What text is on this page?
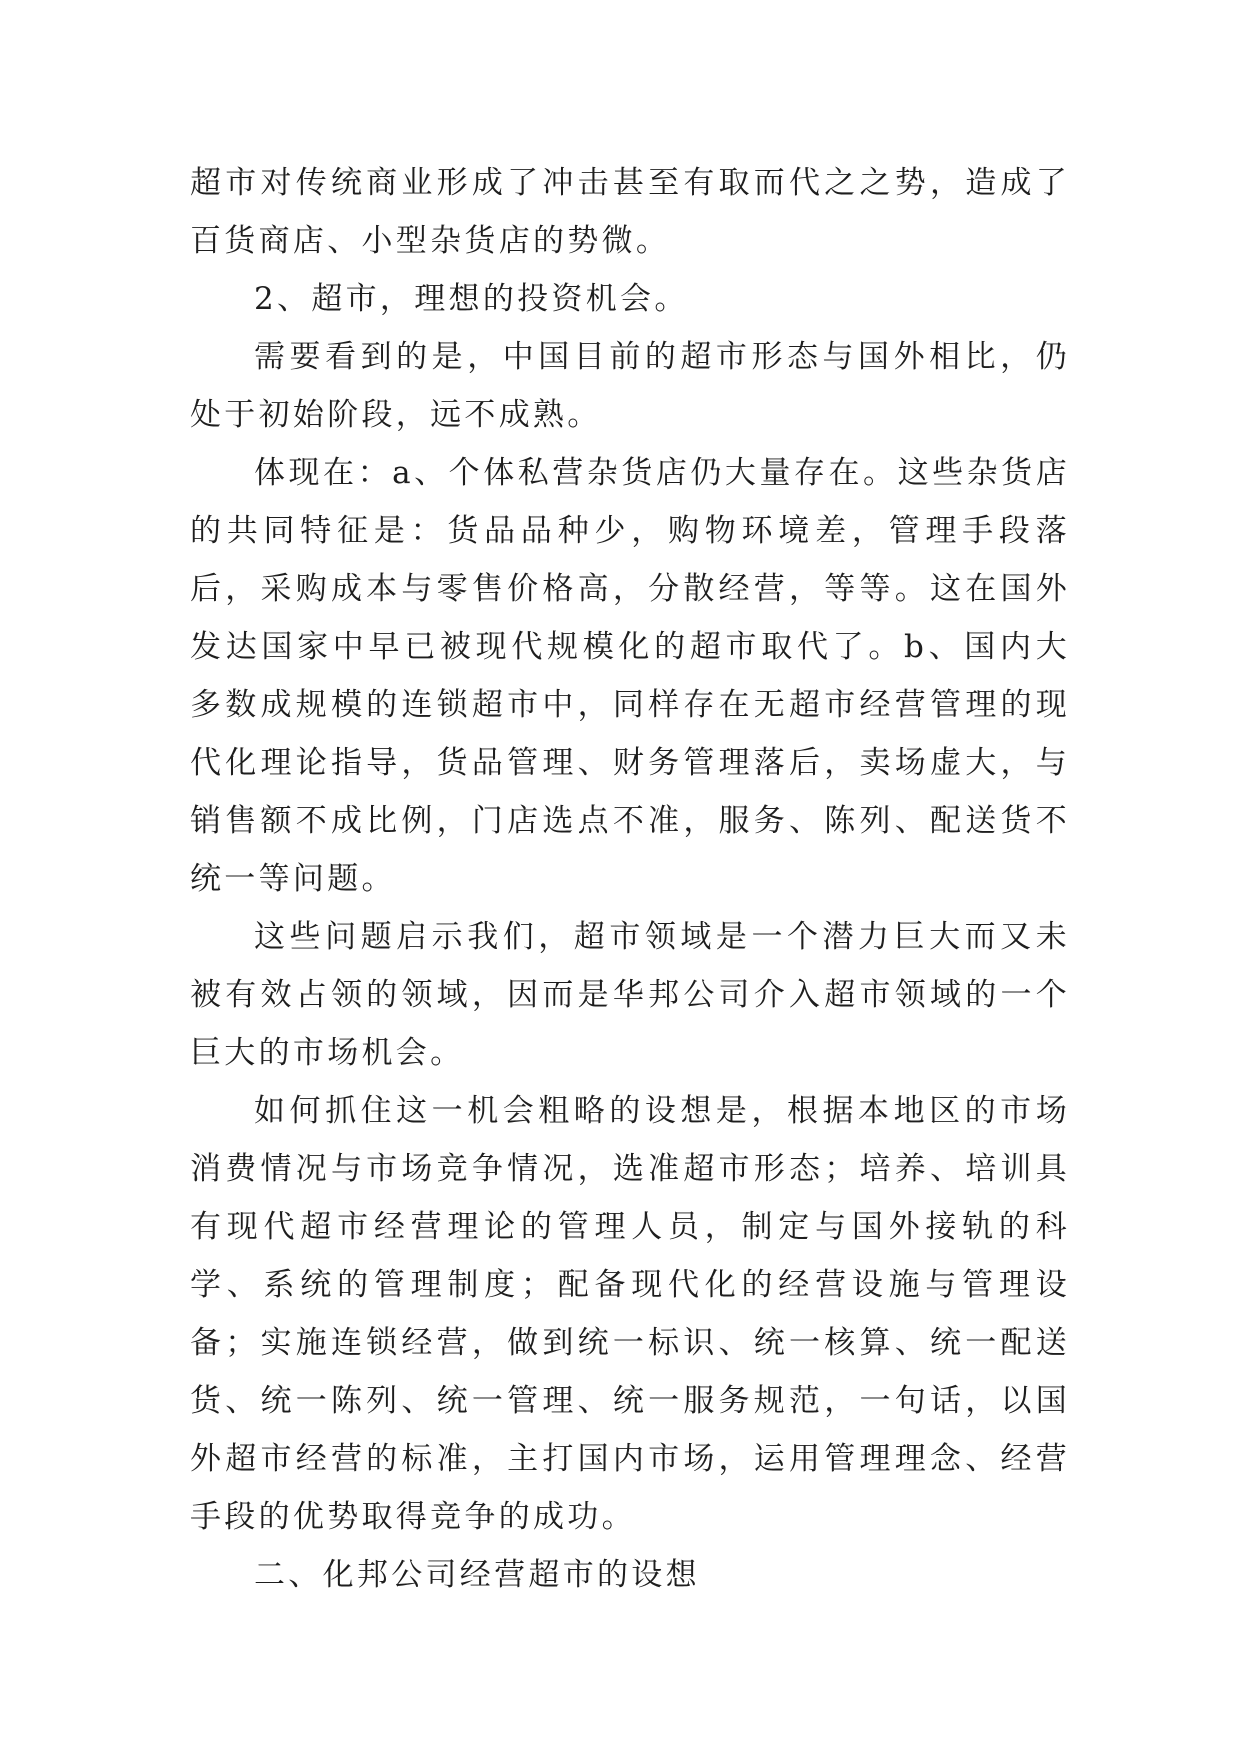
超市对传统商业形成了冲击甚至有取而代之之势，造成了百货商店、小型杂货店的势微。

2、超市，理想的投资机会。

需要看到的是，中国目前的超市形态与国外相比，仍处于初始阶段，远不成熟。

体现在：a、个体私营杂货店仍大量存在。这些杂货店的共同特征是：货品品种少，购物环境差，管理手段落后，采购成本与零售价格高，分散经营，等等。这在国外发达国家中早已被现代规模化的超市取代了。b、国内大多数成规模的连锁超市中，同样存在无超市经营管理的现代化理论指导，货品管理、财务管理落后，卖场虚大，与销售额不成比例，门店选点不准，服务、陈列、配送货不统一等问题。

这些问题启示我们，超市领域是一个潜力巨大而又未被有效占领的领域，因而是华邦公司介入超市领域的一个巨大的市场机会。

如何抓住这一机会粗略的设想是，根据本地区的市场消费情况与市场竞争情况，选准超市形态；培养、培训具有现代超市经营理论的管理人员，制定与国外接轨的科学、系统的管理制度；配备现代化的经营设施与管理设备；实施连锁经营，做到统一标识、统一核算、统一配送货、统一陈列、统一管理、统一服务规范，一句话，以国外超市经营的标准，主打国内市场，运用管理理念、经营手段的优势取得竞争的成功。

二、化邦公司经营超市的设想
